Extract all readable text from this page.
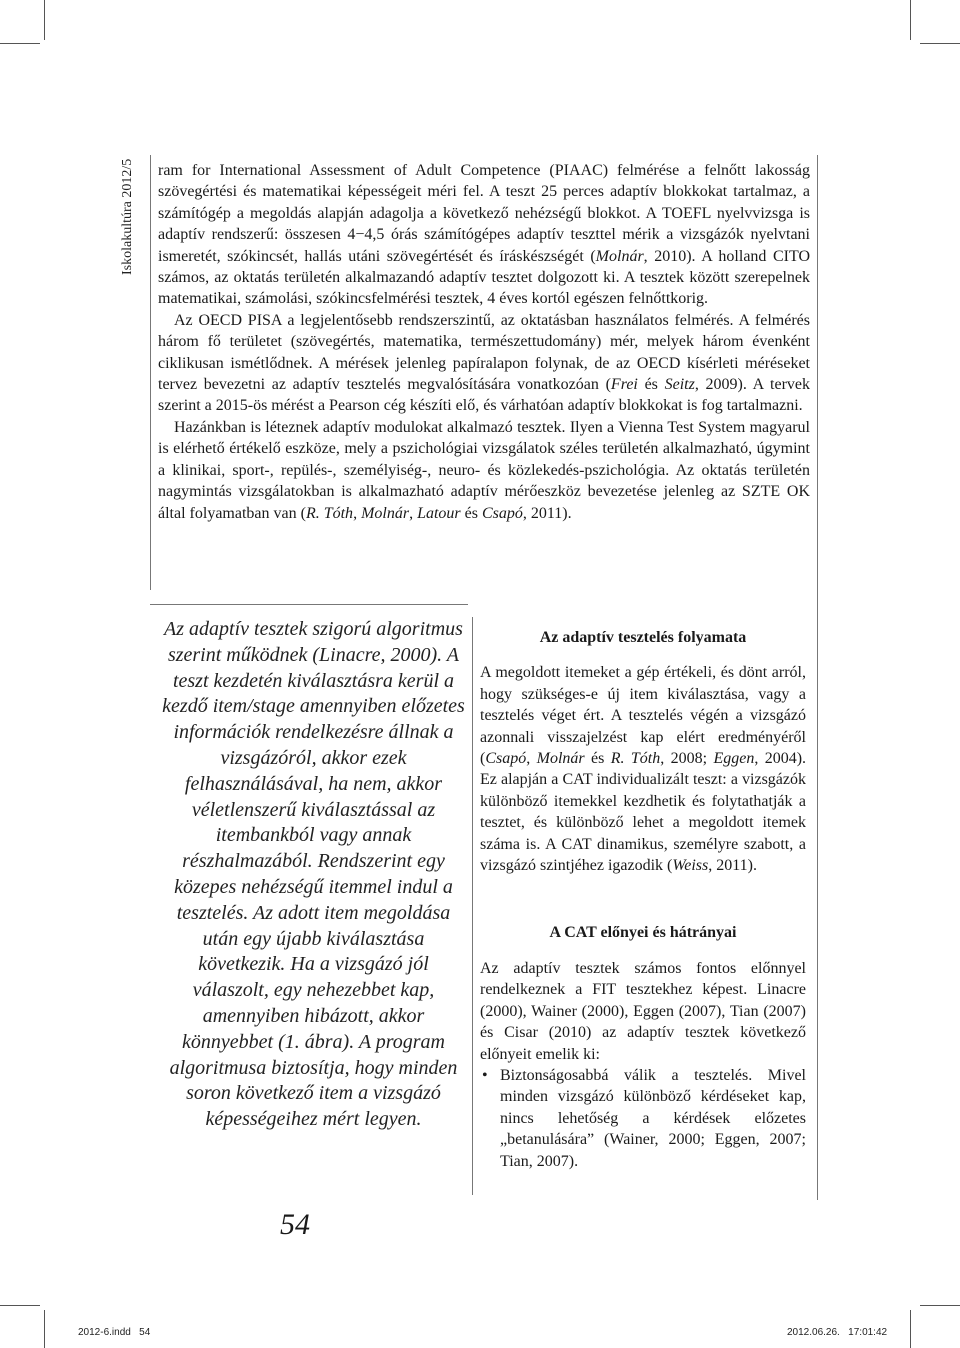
Iskolakultúra 2012/5	ram for International Assessment of Adult Competence (PIAAC) felmérése a felnőtt lakosság szövegértési és matematikai képességeit méri fel. A teszt 25 perces adaptív blokkokat tartalmaz, a számítógép a megoldás alapján adagolja a következő nehézségű blokkot. A TOEFL nyelvvizsga is adaptív rendszerű: összesen 4−4,5 órás számítógépes adaptív teszttel mérik a vizsgázók nyelvtani ismeretét, szókincsét, hallás utáni szövegértését és íráskészségét (Molnár, 2010). A holland CITO számos, az oktatás területén alkalmazandó adaptív tesztet dolgozott ki. A tesztek között szerepelnek matematikai, számolási, szókincsfelmérési tesztek, 4 éves kortól egészen felnőttkorig.

Az OECD PISA a legjelentősebb rendszerszintű, az oktatásban használatos felmérés. A felmérés három fő területet (szövegértés, matematika, természettudomány) mér, melyek három évenként ciklikusan ismétlődnek. A mérések jelenleg papíralapon folynak, de az OECD kísérleti méréseket tervez bevezetni az adaptív tesztelés megvalósítására vonatkozóan (Frei és Seitz, 2009). A tervek szerint a 2015-ös mérést a Pearson cég készíti elő, és várhatóan adaptív blokkokat is fog tartalmazni.

Hazánkban is léteznek adaptív modulokat alkalmazó tesztek. Ilyen a Vienna Test System magyarul is elérhető értékelő eszköze, mely a pszichológiai vizsgálatok széles területén alkalmazható, úgymint a klinikai, sport-, repülés-, személyiség-, neuro- és közlekedés-pszichológia. Az oktatás területén nagymintás vizsgálatokban is alkalmazható adaptív mérőeszköz bevezetése jelenleg az SZTE OK által folyamatban van (R. Tóth, Molnár, Latour és Csapó, 2011).

Az adaptív tesztek szigorú algoritmus szerint működnek (Linacre, 2000). A teszt kezdetén kiválasztásra kerül a kezdő item/stage amennyiben előzetes információk rendelkezésre állnak a vizsgázóról, akkor ezek felhasználásával, ha nem, akkor véletlenszerű kiválasztással az itembankból vagy annak részhalmazából. Rendszerint egy közepes nehézségű itemmel indul a tesztelés. Az adott item megoldása után egy újabb kiválasztása következik. Ha a vizsgázó jól válaszolt, egy nehezebbet kap, amennyiben hibázott, akkor könnyebbet (1. ábra). A program algoritmusa biztosítja, hogy minden soron következő item a vizsgázó képességeihez mért legyen.
Az adaptív tesztelés folyamata

A megoldott itemeket a gép értékeli, és dönt arról, hogy szükséges-e új item kiválasztása, vagy a tesztelés véget ért. A tesztelés végén a vizsgázó azonnali visszajelzést kap elért eredményéről (Csapó, Molnár és R. Tóth, 2008; Eggen, 2004). Ez alapján a CAT individualizált teszt: a vizsgázók különböző itemekkel kezdhetik és folytathatják a tesztet, és különböző lehet a megoldott itemek száma is. A CAT dinamikus, személyre szabott, a vizsgázó szintjéhez igazodik (Weiss, 2011).

A CAT előnyei és hátrányai

Az adaptív tesztek számos fontos előnnyel rendelkeznek a FIT tesztekhez képest. Linacre (2000), Wainer (2000), Eggen (2007), Tian (2007) és Cisar (2010) az adaptív tesztek következő előnyeit emelik ki:

• Biztonságosabbá válik a tesztelés. Mivel minden vizsgázó különböző kérdéseket kap, nincs lehetőség a kérdések előzetes „betanulására” (Wainer, 2000; Eggen, 2007; Tian, 2007).
54
2012-6.indd   54	2012.06.26.   17:01:42
